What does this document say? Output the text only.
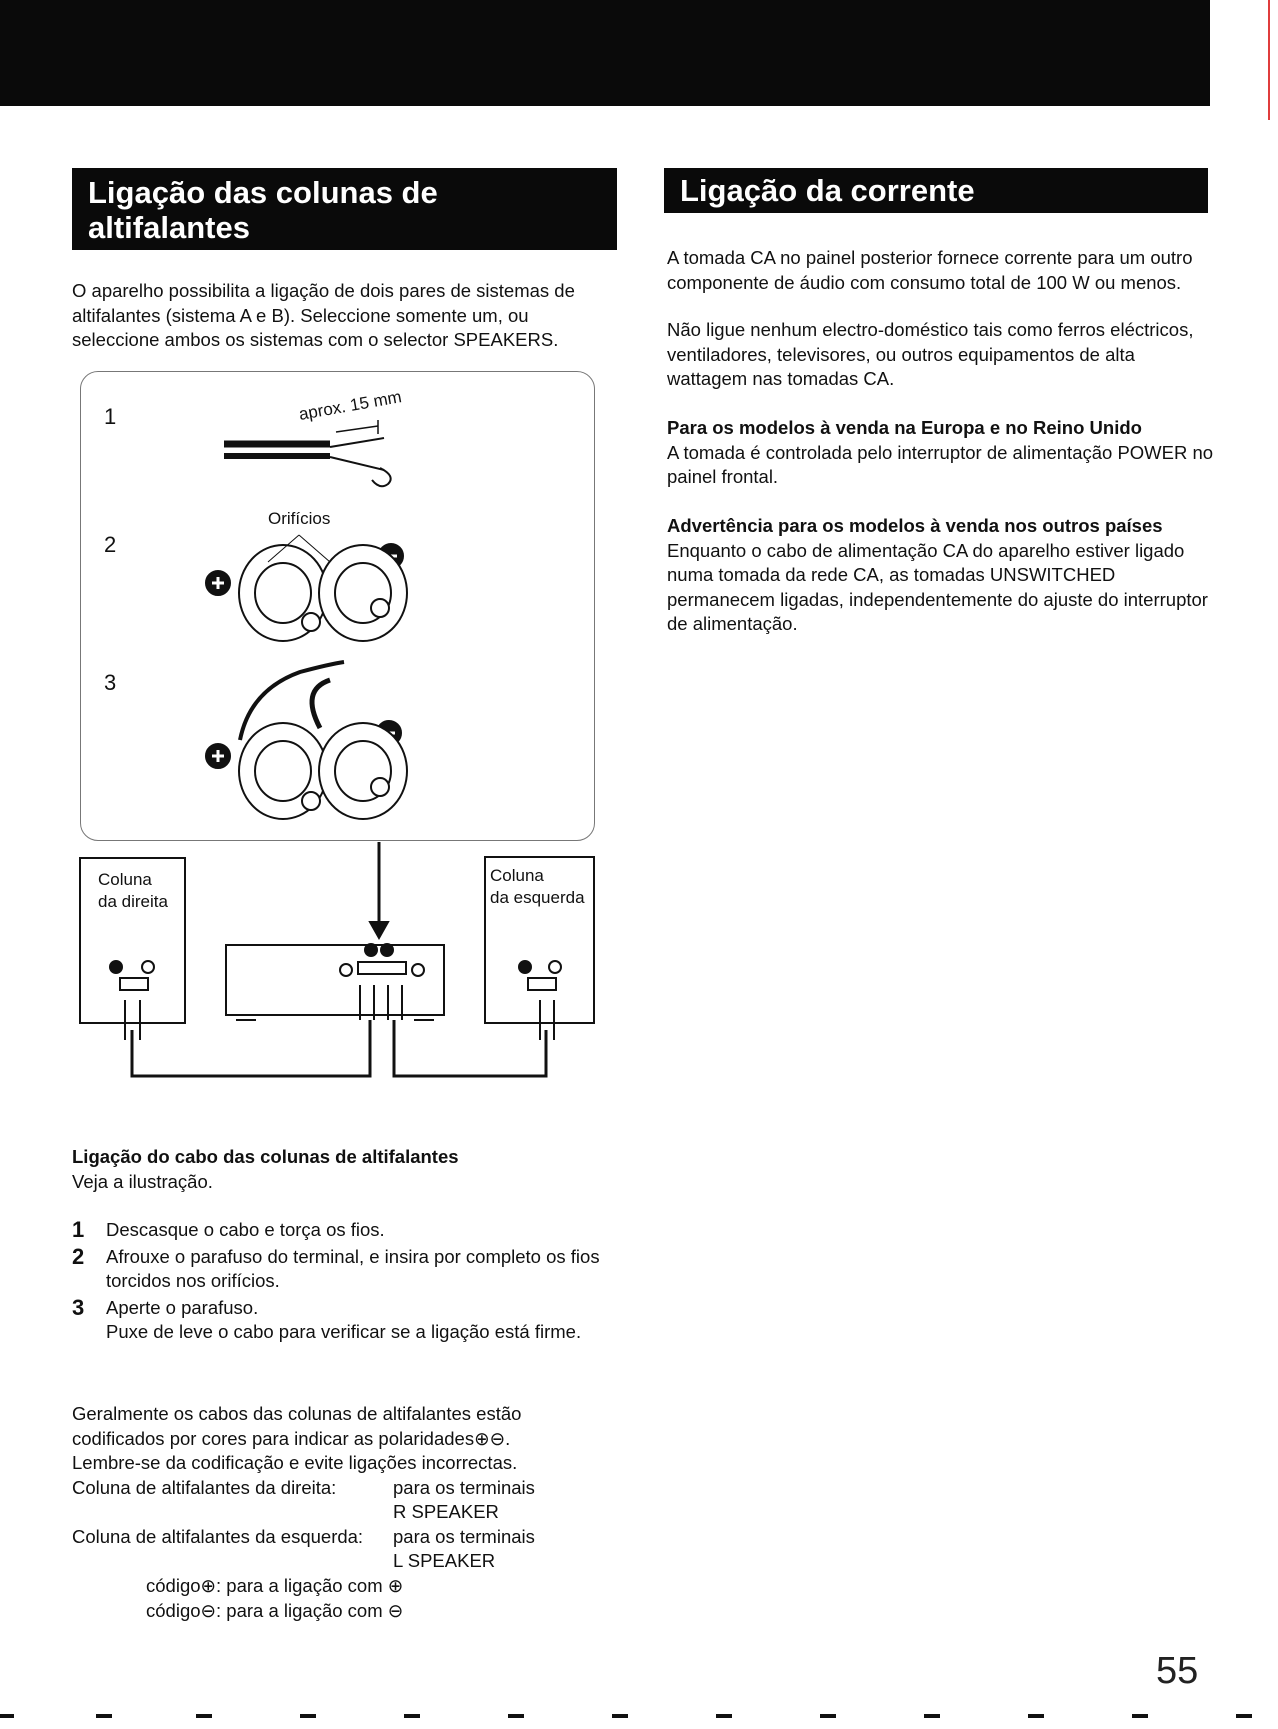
Ligação das colunas de
altifalantes

O aparelho possibilita a ligação de dois pares de sistemas de altifalantes (sistema A e B). Seleccione somente um, ou seleccione ambos os sistemas com o selector SPEAKERS.

1
2
3
aprox. 15 mm
Orifícios
Coluna
da direita
Coluna
da esquerda

Ligação do cabo das colunas de altifalantes
Veja a ilustração.

1	Descasque o cabo e torça os fios.
2	Afrouxe o parafuso do terminal, e insira por completo os fios torcidos nos orifícios.
3	Aperte o parafuso.
Puxe de leve o cabo para verificar se a ligação está firme.

Geralmente os cabos das colunas de altifalantes estão
codificados por cores para indicar as polaridades⊕⊖.
Lembre-se da codificação e evite ligações incorrectas.

Coluna de altifalantes da direita:	para os terminais
R SPEAKER
Coluna de altifalantes da esquerda: para os terminais
L SPEAKER

código⊕: para a ligação com ⊕
código⊖: para a ligação com ⊖

Ligação da corrente

A tomada CA no painel posterior fornece corrente para um outro componente de áudio com consumo total de 100 W ou menos.

Não ligue nenhum electro-doméstico tais como ferros eléctricos, ventiladores, televisores, ou outros equipamentos de alta wattagem nas tomadas CA.

Para os modelos à venda na Europa e no Reino Unido
A tomada é controlada pelo interruptor de alimentação POWER no painel frontal.

Advertência para os modelos à venda nos outros países
Enquanto o cabo de alimentação CA do aparelho estiver ligado numa tomada da rede CA, as tomadas UNSWITCHED permanecem ligadas, independentemente do ajuste do interruptor de alimentação.

55
